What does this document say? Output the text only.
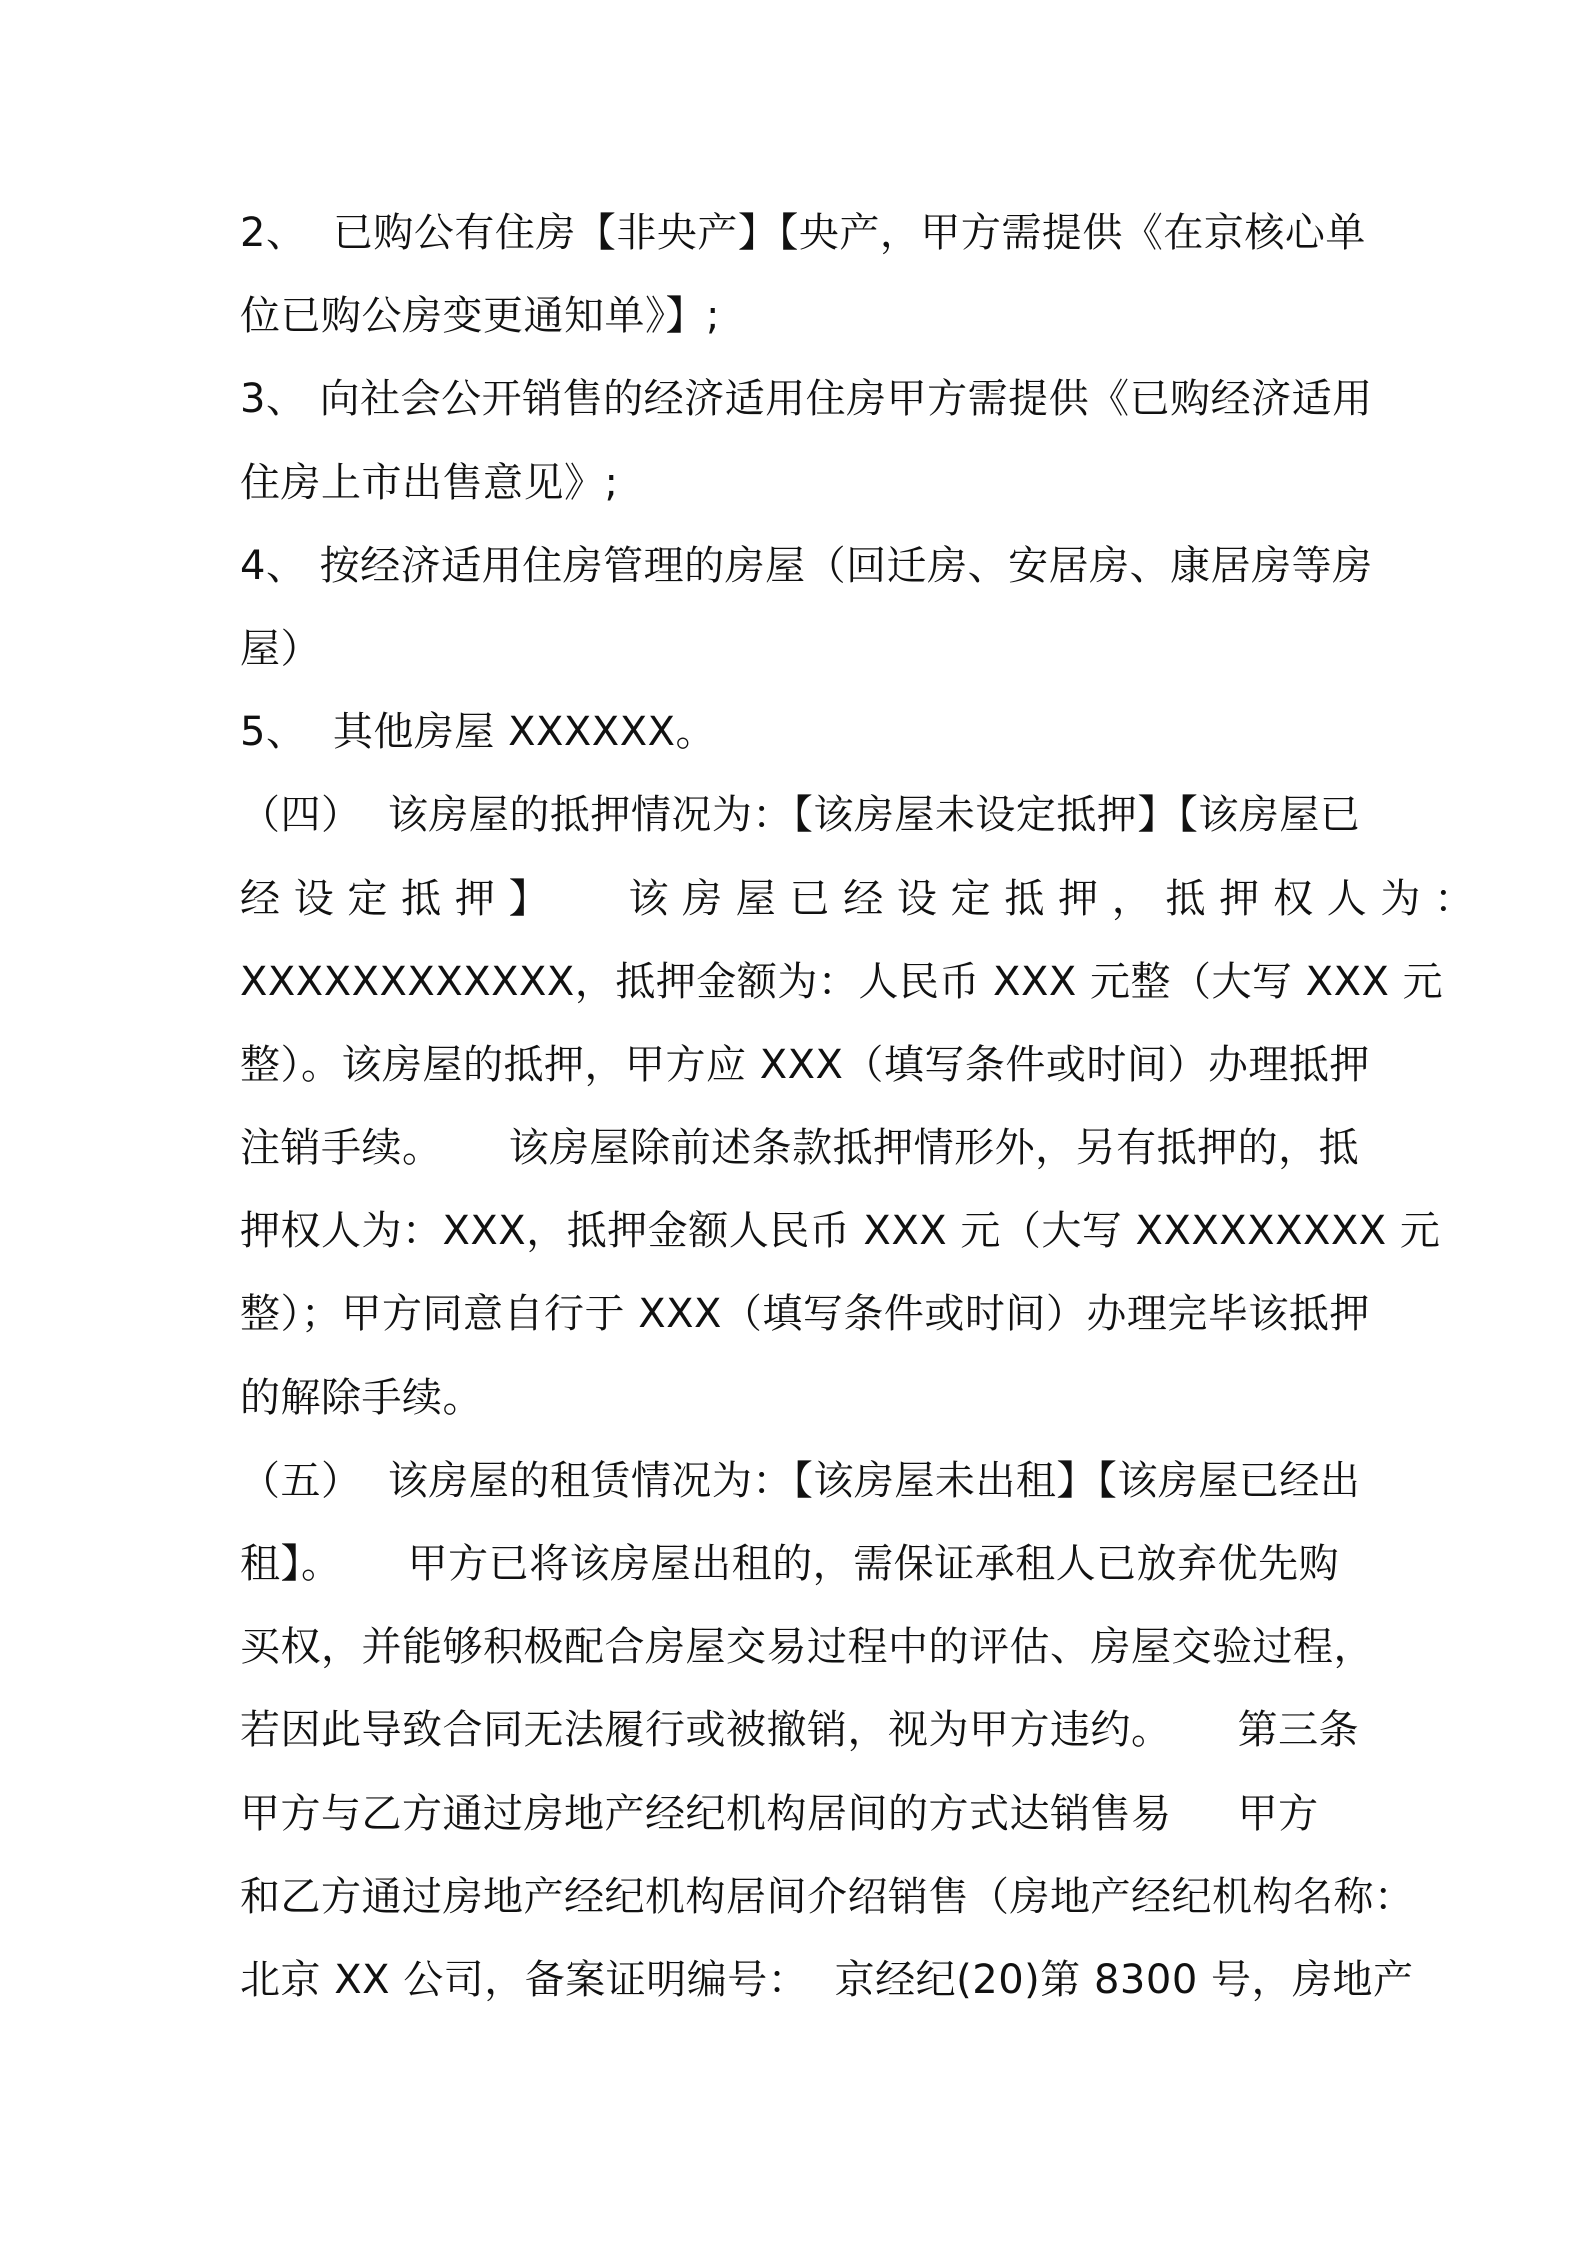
2、  已购公有住房【非央产】【央产，甲方需提供《在京核心单
位已购公房变更通知单》】;
3、 向社会公开销售的经济适用住房甲方需提供《已购经济适用
住房上市出售意见》;
4、 按经济适用住房管理的房屋（回迁房、安居房、康居房等房
屋）
5、  其他房屋 XXXXXX。
（四）  该房屋的抵押情况为：【该房屋未设定抵押】【该房屋已
经 设 定 抵 押 】      该 房 屋 已 经 设 定 抵 押 ， 抵 押 权 人 为 ：
XXXXXXXXXXXX，抵押金额为：人民币 XXX 元整（大写 XXX 元
整）。该房屋的抵押，甲方应 XXX（填写条件或时间）办理抵押
注销手续。     该房屋除前述条款抵押情形外，另有抵押的，抵
押权人为：XXX，抵押金额人民币 XXX 元（大写 XXXXXXXXX 元
整）；甲方同意自行于 XXX（填写条件或时间）办理完毕该抵押
的解除手续。
（五）  该房屋的租赁情况为：【该房屋未出租】【该房屋已经出
租】。     甲方已将该房屋出租的，需保证承租人已放弃优先购
买权，并能够积极配合房屋交易过程中的评估、房屋交验过程，
若因此导致合同无法履行或被撤销，视为甲方违约。     第三条
甲方与乙方通过房地产经纪机构居间的方式达销售易     甲方
和乙方通过房地产经纪机构居间介绍销售（房地产经纪机构名称：
北京 XX 公司，备案证明编号：  京经纪(20)第 8300 号，房地产
